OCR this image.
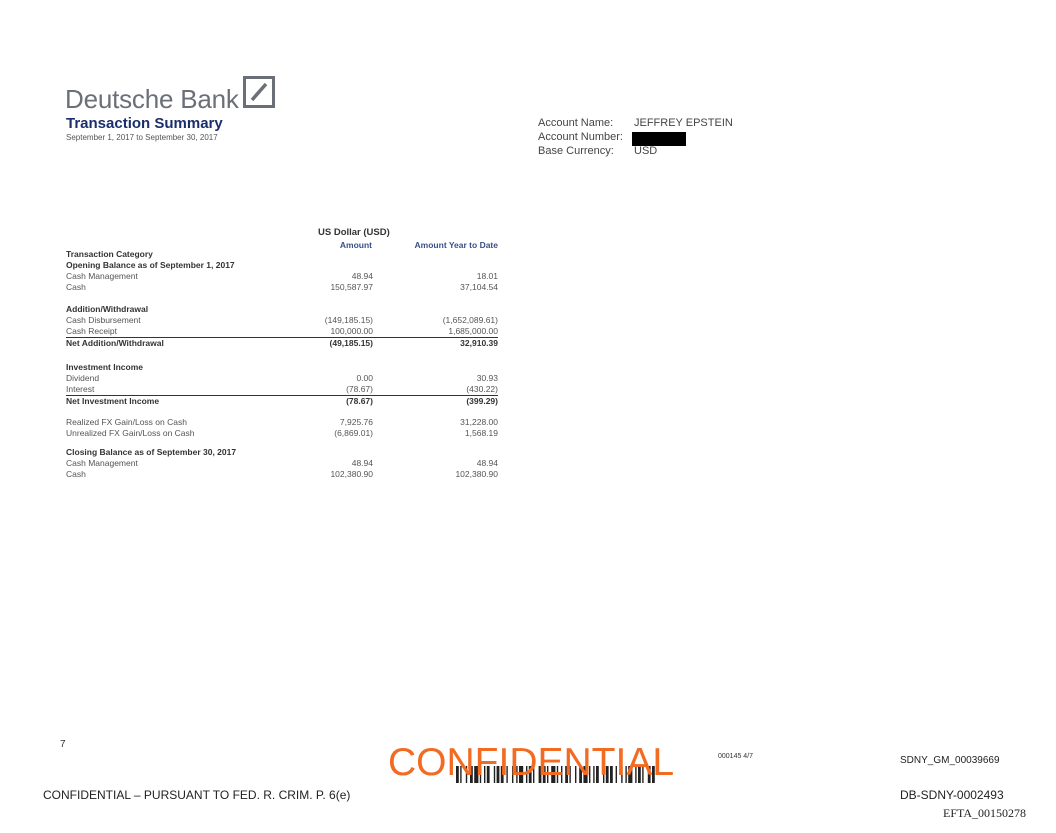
Deutsche Bank
Transaction Summary
September 1, 2017 to September 30, 2017
Account Name:	JEFFREY EPSTEIN
Account Number:
Base Currency:	USD
US Dollar (USD)
Amount	Amount Year to Date
Transaction Category
Opening Balance as of September 1, 2017
Cash Management	48.94	18.01
Cash	150,587.97	37,104.54
Addition/Withdrawal
Cash Disbursement	(149,185.15)	(1,652,089.61)
Cash Receipt	100,000.00	1,685,000.00
Net Addition/Withdrawal	(49,185.15)	32,910.39
Investment Income
Dividend	0.00	30.93
Interest	(78.67)	(430.22)
Net Investment Income	(78.67)	(399.29)
Realized FX Gain/Loss on Cash	7,925.76	31,228.00
Unrealized FX Gain/Loss on Cash	(6,869.01)	1,568.19
Closing Balance as of September 30, 2017
Cash Management	48.94	48.94
Cash	102,380.90	102,380.90
7	CONFIDENTIAL	000145 4/7	SDNY_GM_00039669
CONFIDENTIAL – PURSUANT TO FED. R. CRIM. P. 6(e)	DB-SDNY-0002493
EFTA_00150278
